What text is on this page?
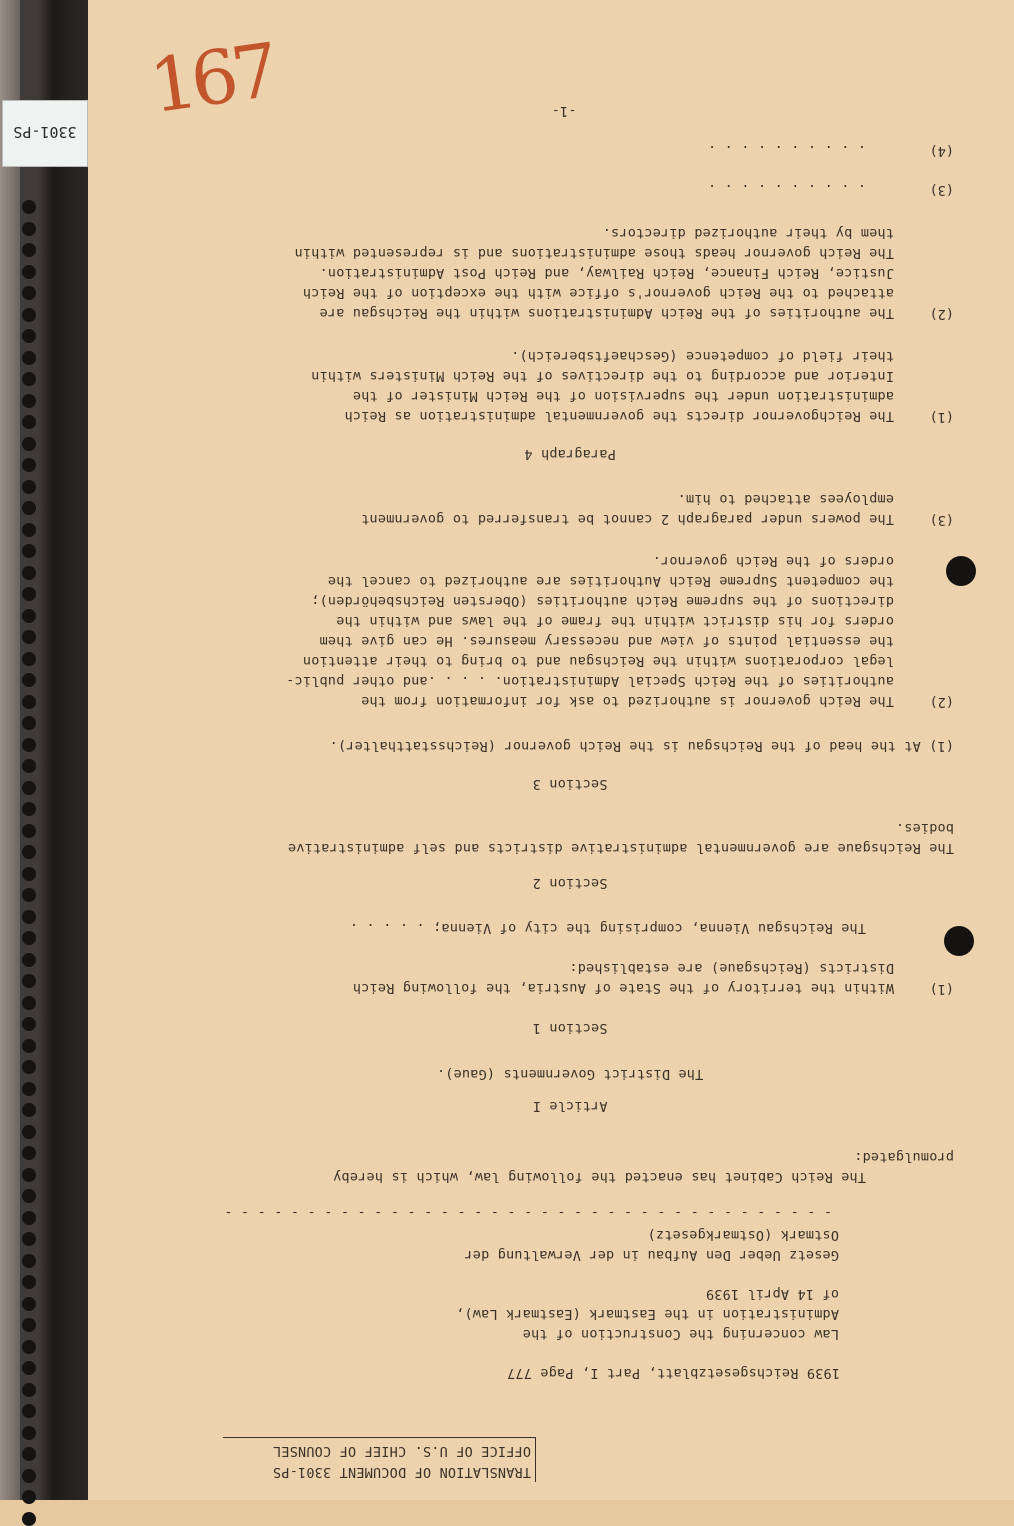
3301-PS
TRANSLATION OF DOCUMENT 3301-PS
OFFICE OF U.S. CHIEF OF COUNSEL
1939 Reichsgesetzblatt, Part I, Page 777
Law concerning the Construction of the
Administration in the Eastmark (Eastmark Law),
of 14 April 1939
Gesetz Ueber Den Aufbau in der Verwaltung der
Ostmark (Ostmarkgesetz)
- - - - - - - - - - - - - - - - - - - - - - - - - - - - - - - - - - - - -
The Reich Cabinet has enacted the following law, which is hereby
promulgated:
Article I
The District Governments (Gaue).
Section 1
(1)
Within the territory of the State of Austria, the following Reich
Districts (Reichsgaue) are established:
The Reichsgau Vienna, comprising the city of Vienna; . . . . .
Section 2
The Reichsgaue are governmental administrative districts and self administrative
bodies.
Section 3
(1) At the head of the Reichsgau is the Reich governor (Reichsstatthalter).
(2)
The Reich governor is authorized to ask for information from the
authorities of the Reich Special Administration. . . . .and other public-
legal corporations within the Reichsgau and to bring to their attention
the essential points of view and necessary measures. He can give them
orders for his district within the frame of the laws and within the
directions of the supreme Reich authorities (Obersten Reichsbehörden);
the competent Supreme Reich Authorities are authorized to cancel the
orders of the Reich governor.
(3)
The powers under paragraph 2 cannot be transferred to government
employees attached to him.
Paragraph 4
(1)
The Reichgovernor directs the governmental administration as Reich
administration under the supervision of the Reich Minister of the
Interior and according to the directives of the Reich Ministers within
their field of competence (Geschaeftsbereich).
(2)
The authorities of the Reich Administrations within the Reichsgau are
attached to the Reich governor's office with the exception of the Reich
Justice, Reich Finance, Reich Railway, and Reich Post Administration.
The Reich governor heads those administrations and is represented within
them by their authorized directors.
(3)
. . . . . . . . . .
(4)
. . . . . . . . . .
-1-
167
